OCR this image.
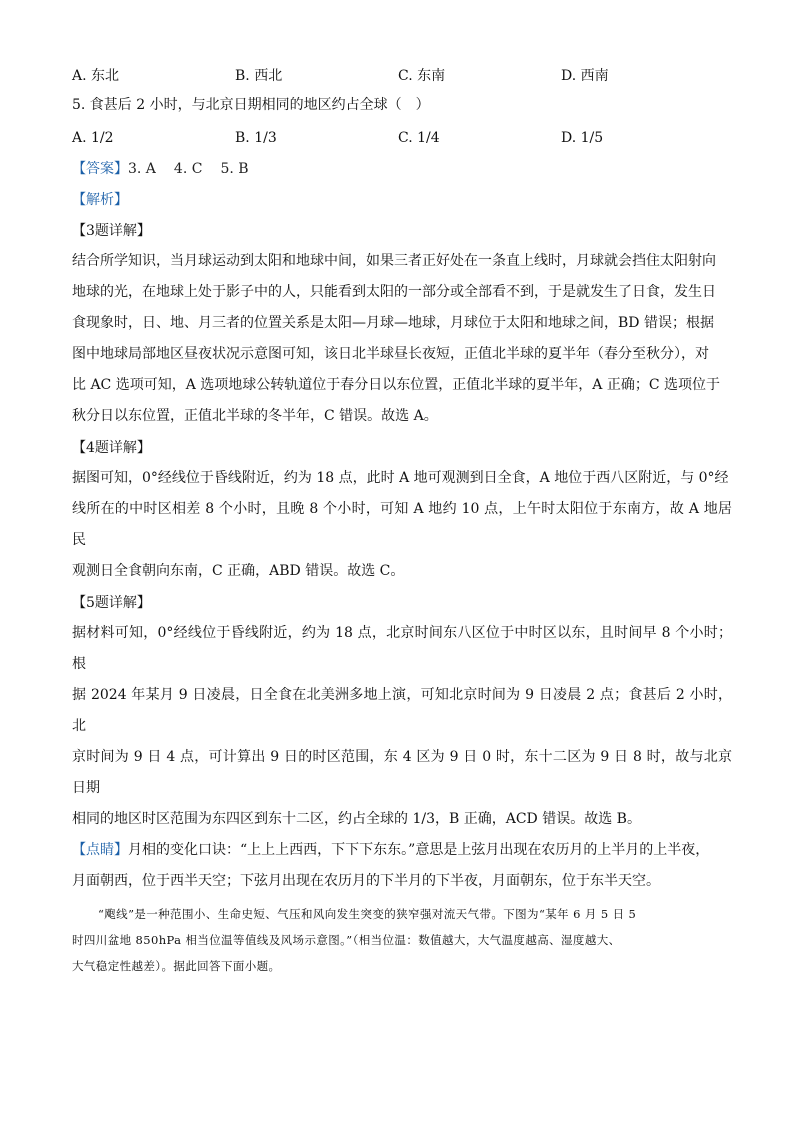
A. 东北	B. 西北	C. 东南	D. 西南
5. 食甚后 2 小时，与北京日期相同的地区约占全球（　）
A. 1/2	B. 1/3	C. 1/4	D. 1/5
【答案】3. A 4. C 5. B
【解析】
【3题详解】

结合所学知识，当月球运动到太阳和地球中间，如果三者正好处在一条直上线时，月球就会挡住太阳射向

地球的光，在地球上处于影子中的人，只能看到太阳的一部分或全部看不到，于是就发生了日食，发生日

食现象时，日、地、月三者的位置关系是太阳—月球—地球，月球位于太阳和地球之间，BD 错误；根据

图中地球局部地区昼夜状况示意图可知，该日北半球昼长夜短，正值北半球的夏半年（春分至秋分），对

比 AC 选项可知，A 选项地球公转轨道位于春分日以东位置，正值北半球的夏半年，A 正确；C 选项位于

秋分日以东位置，正值北半球的冬半年，C 错误。故选 A。

【4题详解】

据图可知，0°经线位于昏线附近，约为 18 点，此时 A 地可观测到日全食，A 地位于西八区附近，与 0°经

线所在的中时区相差 8 个小时，且晚 8 个小时，可知 A 地约 10 点，上午时太阳位于东南方，故 A 地居民

观测日全食朝向东南，C 正确，ABD 错误。故选 C。

【5题详解】

据材料可知，0°经线位于昏线附近，约为 18 点，北京时间东八区位于中时区以东，且时间早 8 个小时；根

据 2024 年某月 9 日凌晨，日全食在北美洲多地上演，可知北京时间为 9 日凌晨 2 点；食甚后 2 小时，北

京时间为 9 日 4 点，可计算出 9 日的时区范围，东 4 区为 9 日 0 时，东十二区为 9 日 8 时，故与北京日期

相同的地区时区范围为东四区到东十二区，约占全球的 1/3，B 正确，ACD 错误。故选 B。

【点睛】月相的变化口诀：“上上上西西，下下下东东。”意思是上弦月出现在农历月的上半月的上半夜，

月面朝西，位于西半天空；下弦月出现在农历月的下半月的下半夜，月面朝东，位于东半天空。

“飑线”是一种范围小、生命史短、气压和风向发生突变的狭窄强对流天气带。下图为“某年 6 月 5 日 5

时四川盆地 850hPa 相当位温等值线及风场示意图。”（相当位温：数值越大，大气温度越高、湿度越大、

大气稳定性越差）。据此回答下面小题。
